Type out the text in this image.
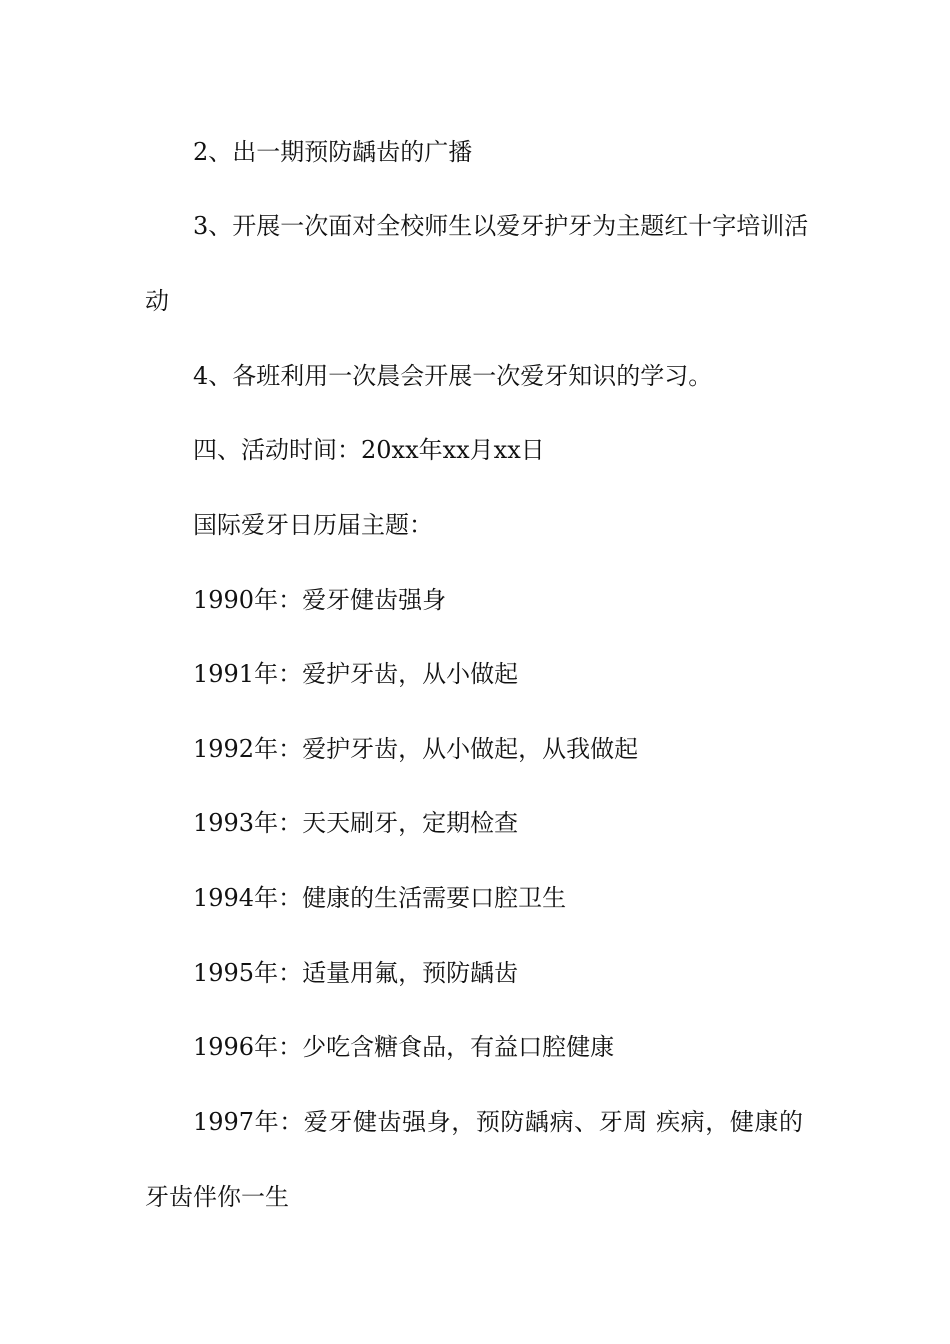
2、出一期预防龋齿的广播
3、开展一次面对全校师生以爱牙护牙为主题红十字培训活
动
4、各班利用一次晨会开展一次爱牙知识的学习。
四、活动时间：20xx年xx月xx日
国际爱牙日历届主题：
1990年：爱牙健齿强身
1991年：爱护牙齿，从小做起
1992年：爱护牙齿，从小做起，从我做起
1993年：天天刷牙，定期检查
1994年：健康的生活需要口腔卫生
1995年：适量用氟，预防龋齿
1996年：少吃含糖食品，有益口腔健康
1997年：爱牙健齿强身，预防龋病、牙周 疾病，健康的
牙齿伴你一生
